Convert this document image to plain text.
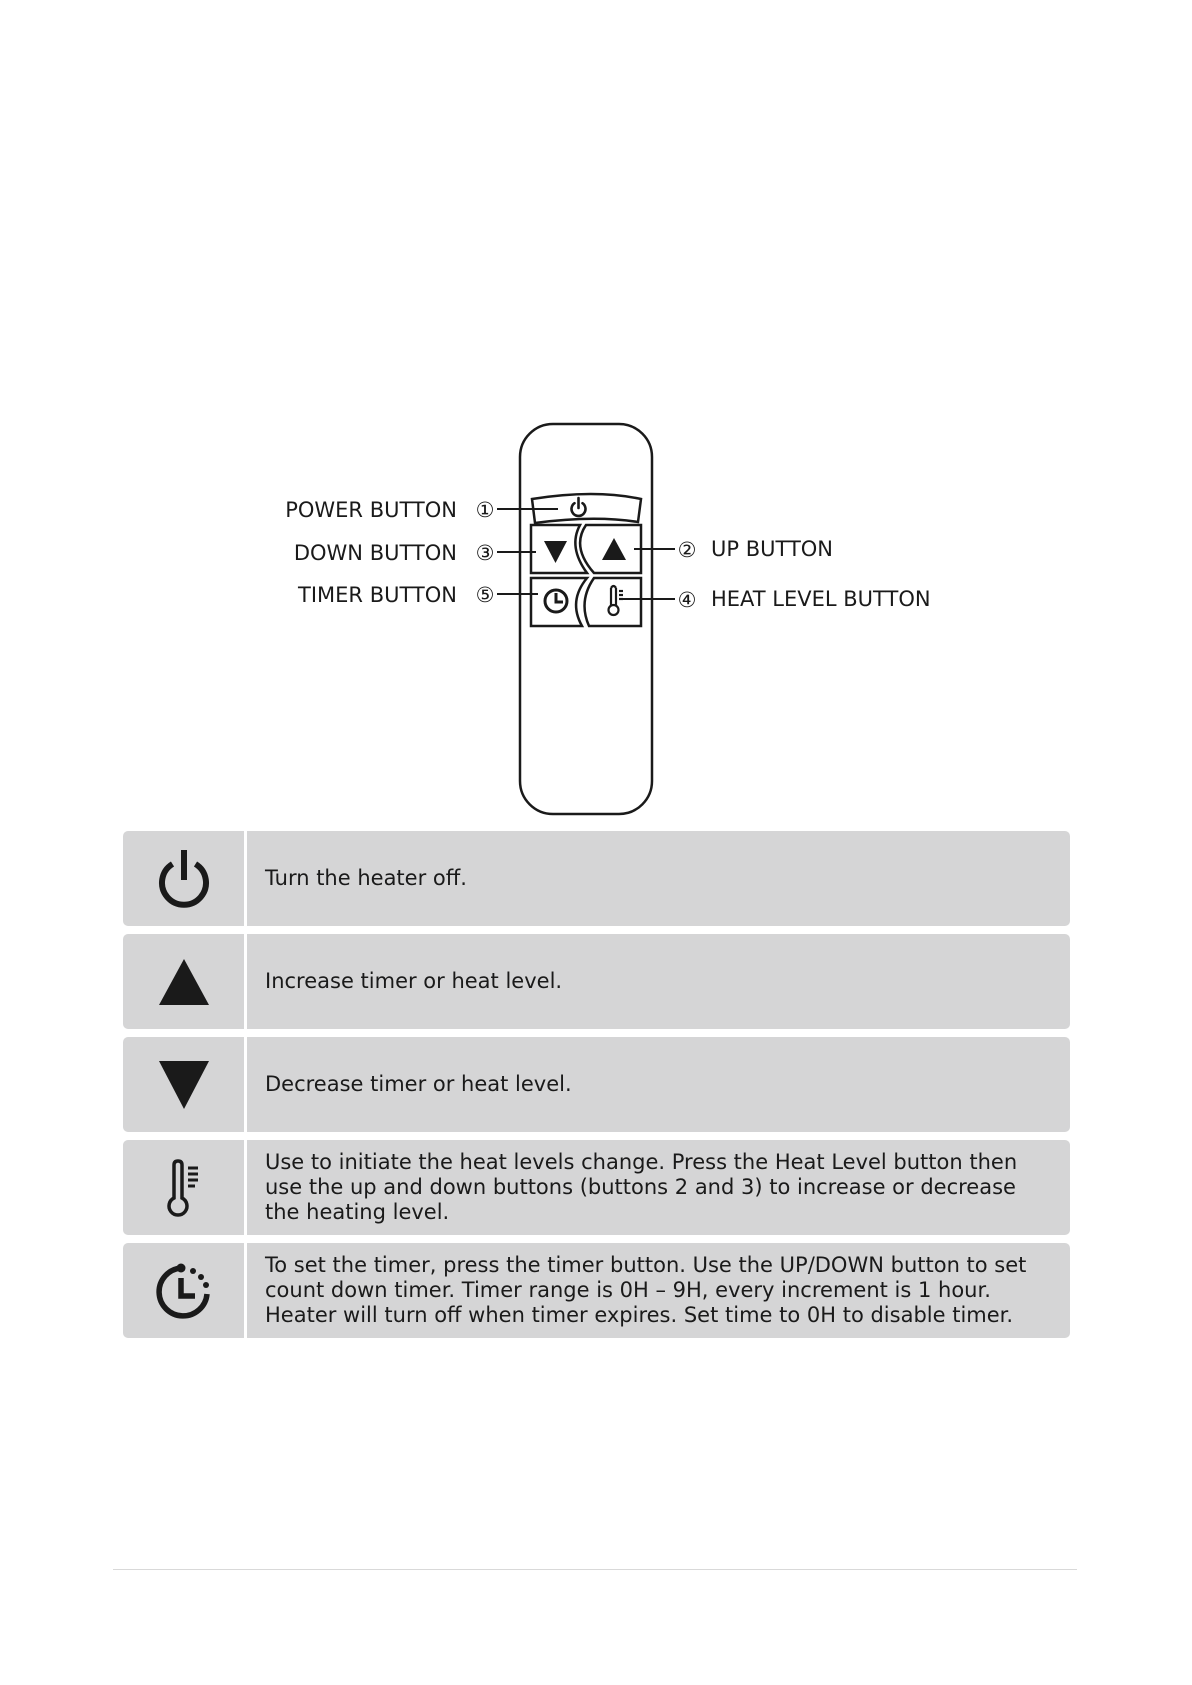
POWER BUTTON ①
DOWN BUTTON ③
TIMER BUTTON ⑤
② UP BUTTON
④ HEAT LEVEL BUTTON
Turn the heater off.
Increase timer or heat level.
Decrease timer or heat level.
Use to initiate the heat levels change. Press the Heat Level button then
use the up and down buttons (buttons 2 and 3) to increase or decrease
the heating level.
To set the timer, press the timer button. Use the UP/DOWN button to set
count down timer. Timer range is 0H – 9H, every increment is 1 hour.
Heater will turn off when timer expires. Set time to 0H to disable timer.
